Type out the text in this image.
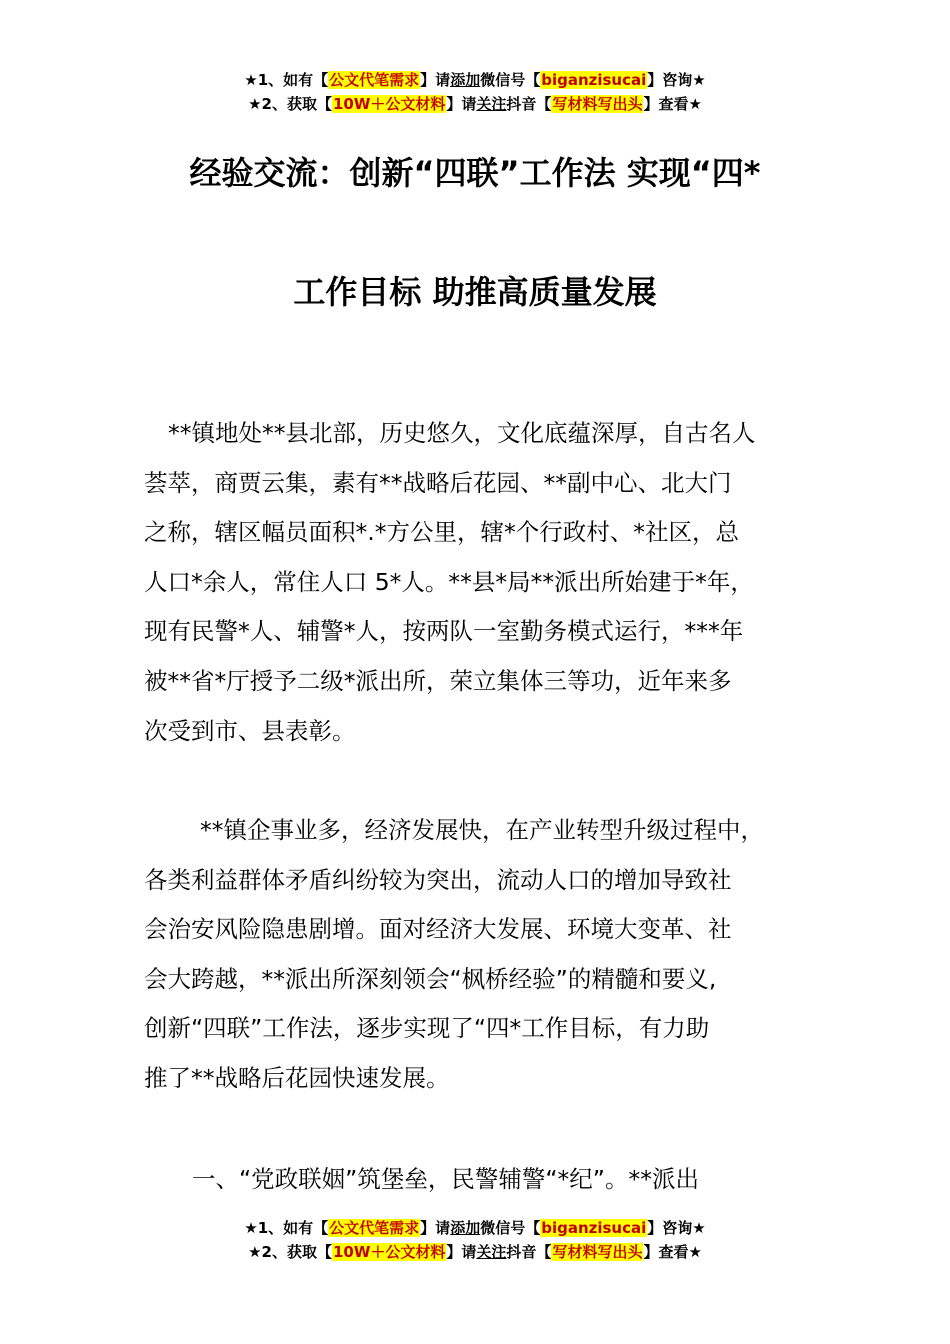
★1、如有【公文代笔需求】请添加微信号【biganzisucai】咨询★
★2、获取【10W＋公文材料】请关注抖音【写材料写出头】查看★
经验交流：创新“四联”工作法 实现“四*
工作目标 助推高质量发展
**镇地处**县北部，历史悠久，文化底蕴深厚，自古名人
荟萃，商贾云集，素有**战略后花园、**副中心、北大门
之称，辖区幅员面积*.*方公里，辖*个行政村、*社区，总
人口*余人，常住人口 5*人。**县*局**派出所始建于*年，
现有民警*人、辅警*人，按两队一室勤务模式运行，***年
被**省*厅授予二级*派出所，荣立集体三等功，近年来多
次受到市、县表彰。
**镇企事业多，经济发展快，在产业转型升级过程中，
各类利益群体矛盾纠纷较为突出，流动人口的增加导致社
会治安风险隐患剧增。面对经济大发展、环境大变革、社
会大跨越，**派出所深刻领会“枫桥经验”的精髓和要义,
创新“四联”工作法，逐步实现了“四*工作目标，有力助
推了**战略后花园快速发展。
一、“党政联姻”筑堡垒，民警辅警“*纪”。**派出
★1、如有【公文代笔需求】请添加微信号【biganzisucai】咨询★
★2、获取【10W＋公文材料】请关注抖音【写材料写出头】查看★
